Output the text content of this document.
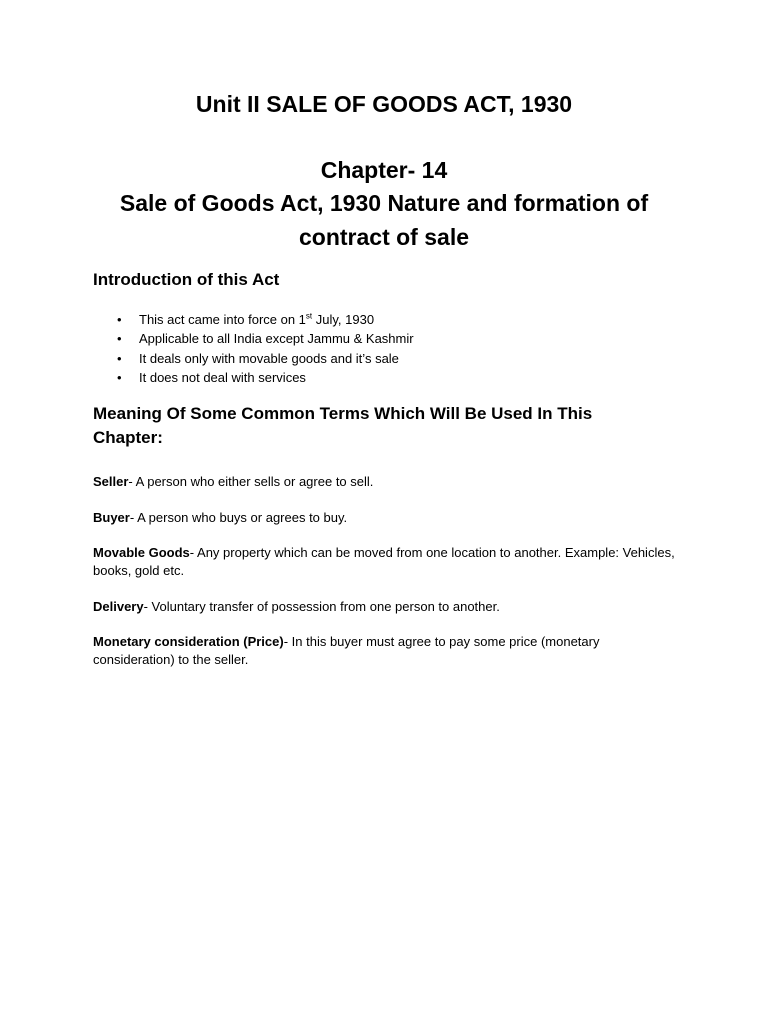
Unit II SALE OF GOODS ACT, 1930
Chapter- 14
Sale of Goods Act, 1930 Nature and formation of contract of sale
Introduction of this Act
• This act came into force on 1st July, 1930
• Applicable to all India except Jammu & Kashmir
• It deals only with movable goods and it’s sale
• It does not deal with services
Meaning Of Some Common Terms Which Will Be Used In This Chapter:
Seller- A person who either sells or agree to sell.
Buyer- A person who buys or agrees to buy.
Movable Goods- Any property which can be moved from one location to another. Example: Vehicles, books, gold etc.
Delivery- Voluntary transfer of possession from one person to another.
Monetary consideration (Price)- In this buyer must agree to pay some price (monetary consideration) to the seller.
